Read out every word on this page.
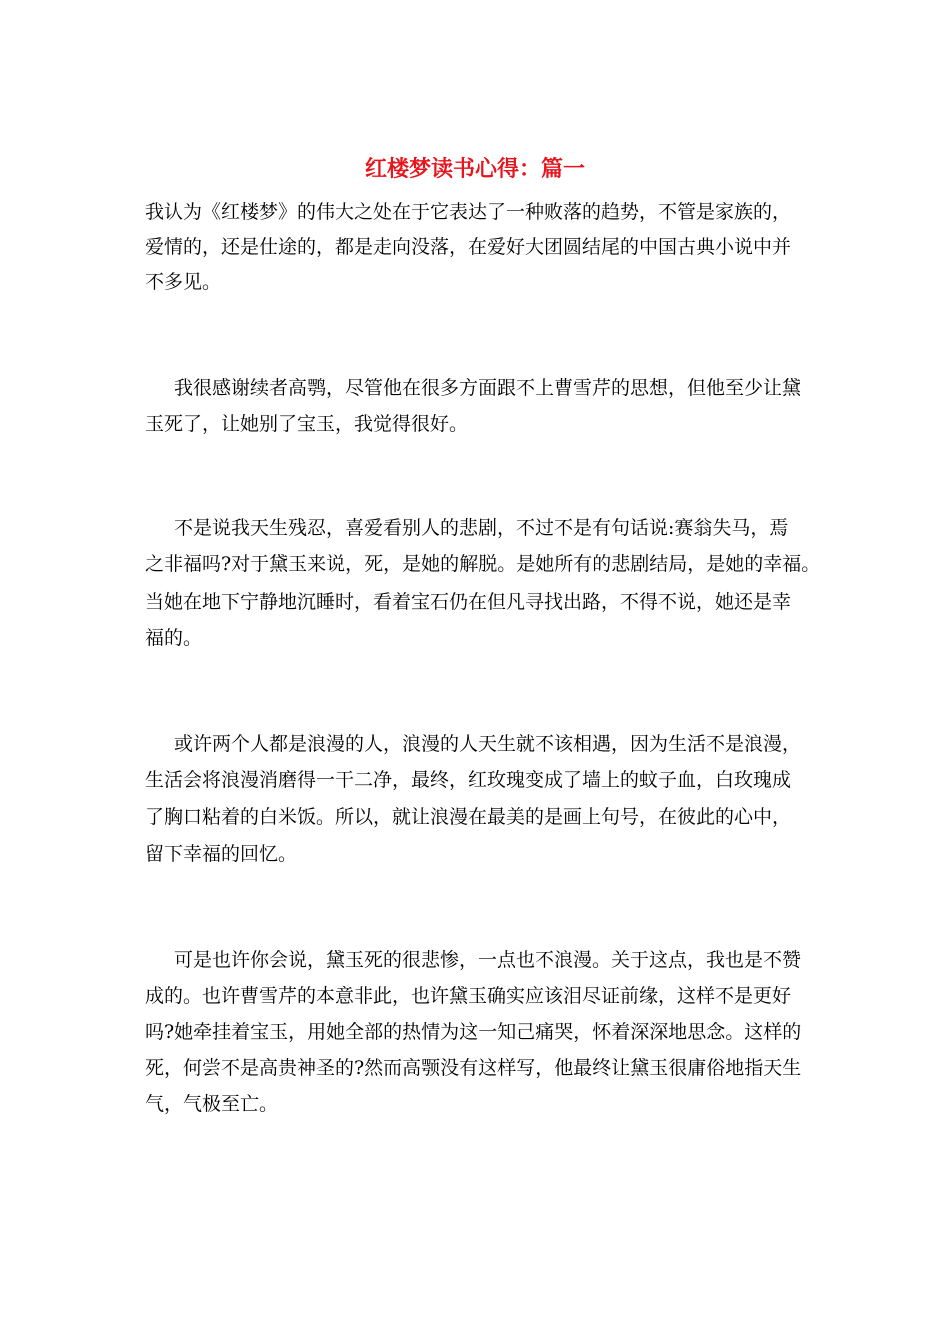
红楼梦读书心得：篇一

我认为《红楼梦》的伟大之处在于它表达了一种败落的趋势，不管是家族的，

爱情的，还是仕途的，都是走向没落，在爱好大团圆结尾的中国古典小说中并

不多见。

我很感谢续者高鹗，尽管他在很多方面跟不上曹雪芹的思想，但他至少让黛

玉死了，让她别了宝玉，我觉得很好。

不是说我天生残忍，喜爱看别人的悲剧，不过不是有句话说:赛翁失马，焉

之非福吗?对于黛玉来说，死，是她的解脱。是她所有的悲剧结局，是她的幸福。

当她在地下宁静地沉睡时，看着宝石仍在但凡寻找出路，不得不说，她还是幸

福的。

或许两个人都是浪漫的人，浪漫的人天生就不该相遇，因为生活不是浪漫，

生活会将浪漫消磨得一干二净，最终，红玫瑰变成了墙上的蚊子血，白玫瑰成

了胸口粘着的白米饭。所以，就让浪漫在最美的是画上句号，在彼此的心中，

留下幸福的回忆。

可是也许你会说，黛玉死的很悲惨，一点也不浪漫。关于这点，我也是不赞

成的。也许曹雪芹的本意非此，也许黛玉确实应该泪尽证前缘，这样不是更好

吗?她牵挂着宝玉，用她全部的热情为这一知己痛哭，怀着深深地思念。这样的

死，何尝不是高贵神圣的?然而高颚没有这样写，他最终让黛玉很庸俗地指天生

气，气极至亡。
